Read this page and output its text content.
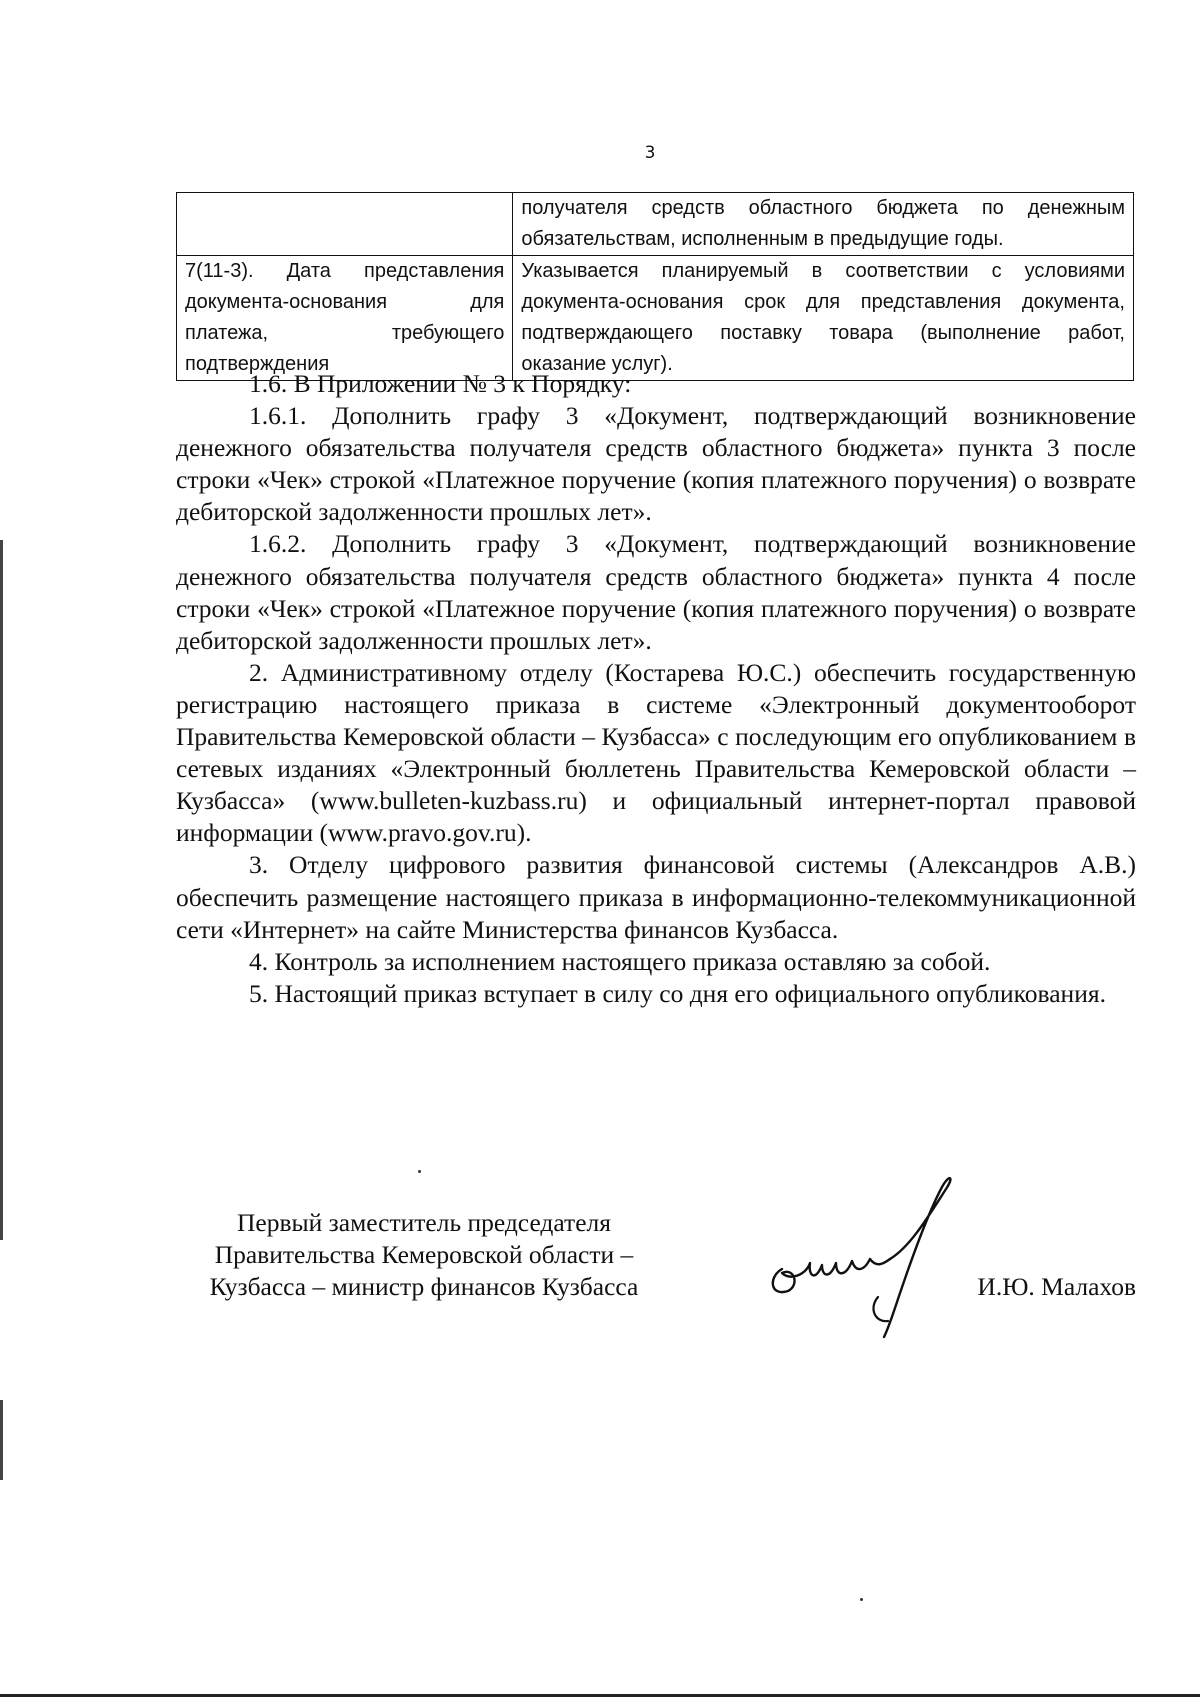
3
	получателя средств областного бюджета по денежным обязательствам, исполненным в предыдущие годы.
7(11-3). Дата представления документа-основания для платежа, требующего подтверждения	Указывается планируемый в соответствии с условиями документа-основания срок для представления документа, подтверждающего поставку товара (выполнение работ, оказание услуг).

1.6. В Приложении № 3 к Порядку:

1.6.1. Дополнить графу 3 «Документ, подтверждающий возникновение денежного обязательства получателя средств областного бюджета» пункта 3 после строки «Чек» строкой «Платежное поручение (копия платежного поручения) о возврате дебиторской задолженности прошлых лет».

1.6.2. Дополнить графу 3 «Документ, подтверждающий возникновение денежного обязательства получателя средств областного бюджета» пункта 4 после строки «Чек» строкой «Платежное поручение (копия платежного поручения) о возврате дебиторской задолженности прошлых лет».

2. Административному отделу (Костарева Ю.С.) обеспечить государственную регистрацию настоящего приказа в системе «Электронный документооборот Правительства Кемеровской области – Кузбасса» с последующим его опубликованием в сетевых изданиях «Электронный бюллетень Правительства Кемеровской области – Кузбасса» (www.bulleten-kuzbass.ru) и официальный интернет-портал правовой информации (www.pravo.gov.ru).

3. Отделу цифрового развития финансовой системы (Александров А.В.) обеспечить размещение настоящего приказа в информационно-телекоммуникационной сети «Интернет» на сайте Министерства финансов Кузбасса.

4. Контроль за исполнением настоящего приказа оставляю за собой.

5. Настоящий приказ вступает в силу со дня его официального опубликования.

Первый заместитель председателя
Правительства Кемеровской области –
Кузбасса – министр финансов Кузбасса	И.Ю. Малахов
